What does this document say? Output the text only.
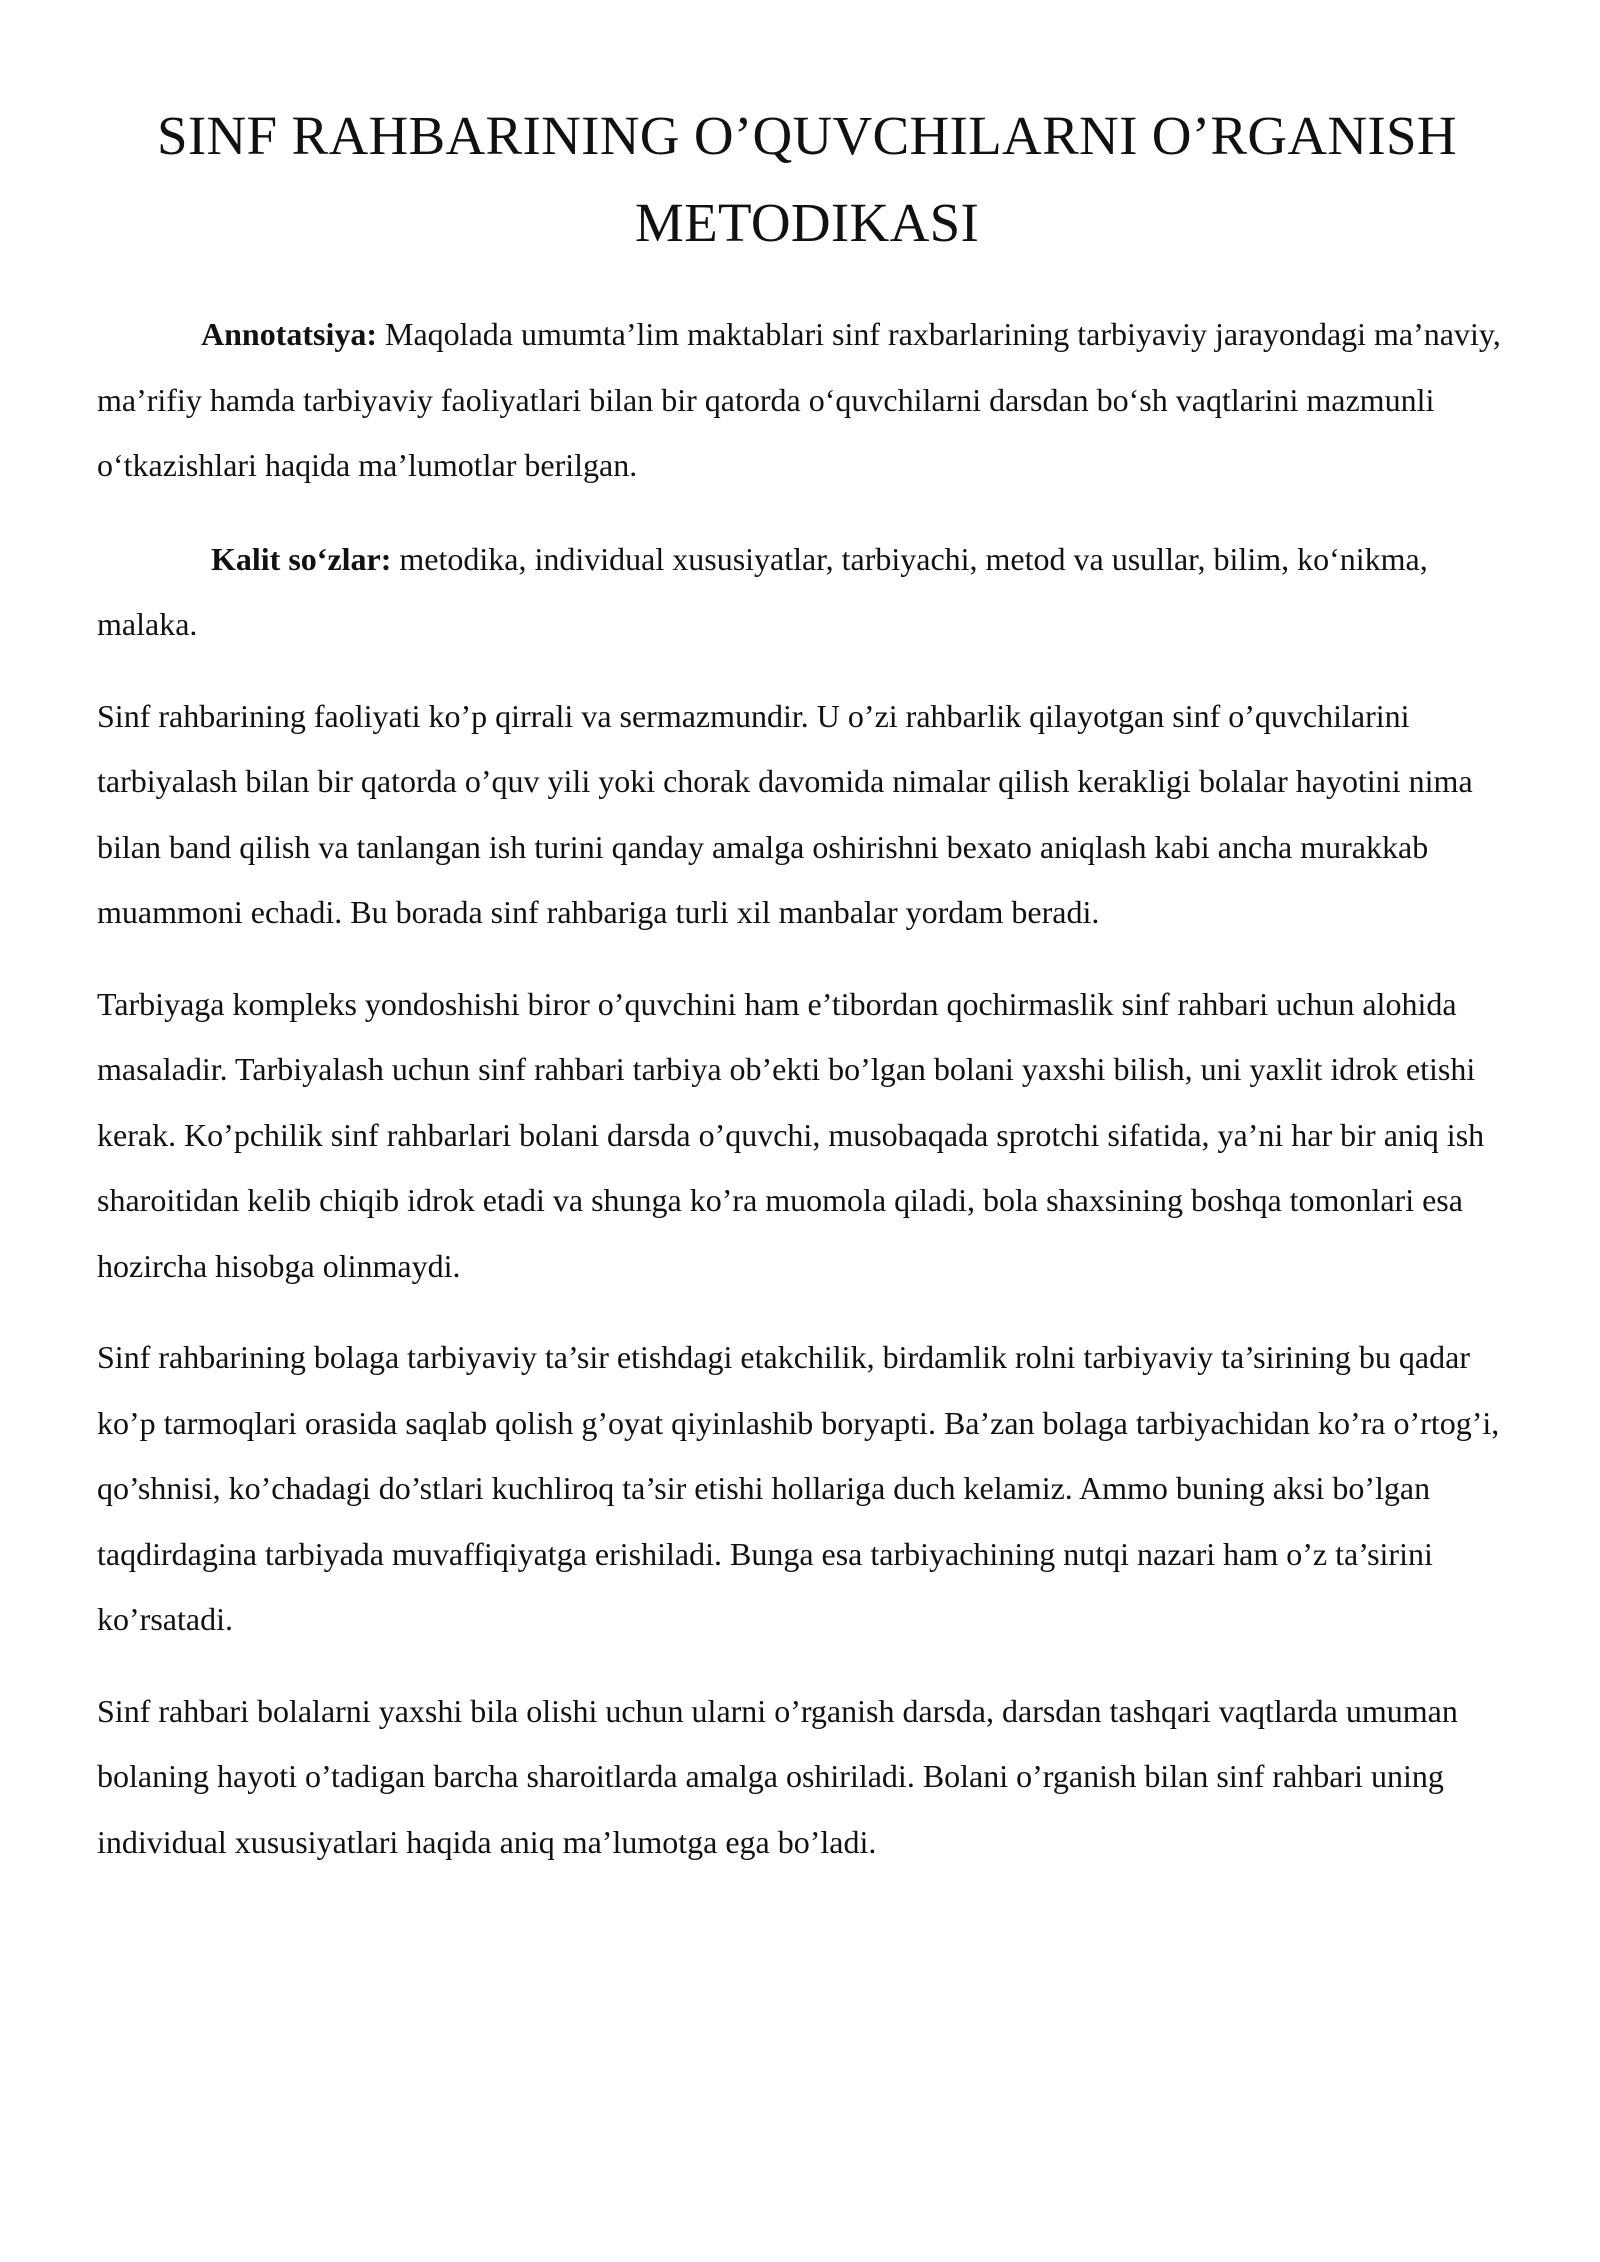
SINF RAHBARINING O’QUVCHILARNI O’RGANISH METODIKASI

Annotatsiya: Maqolada umumta’lim maktablari sinf raxbarlarining tarbiyaviy jarayondagi ma’naviy, ma’rifiy hamda tarbiyaviy faoliyatlari bilan bir qatorda o‘quvchilarni darsdan bo‘sh vaqtlarini mazmunli o‘tkazishlari haqida ma’lumotlar berilgan.

Kalit so‘zlar: metodika, individual xususiyatlar, tarbiyachi, metod va usullar, bilim, ko‘nikma, malaka.

Sinf rahbarining faoliyati ko’p qirrali va sermazmundir. U o’zi rahbarlik qilayotgan sinf o’quvchilarini tarbiyalash bilan bir qatorda o’quv yili yoki chorak davomida nimalar qilish kerakligi bolalar hayotini nima bilan band qilish va tanlangan ish turini qanday amalga oshirishni bexato aniqlash kabi ancha murakkab muammoni echadi. Bu borada sinf rahbariga turli xil manbalar yordam beradi.

Tarbiyaga kompleks yondoshishi biror o’quvchini ham e’tibordan qochirmaslik sinf rahbari uchun alohida masaladir. Tarbiyalash uchun sinf rahbari tarbiya ob’ekti bo’lgan bolani yaxshi bilish, uni yaxlit idrok etishi kerak. Ko’pchilik sinf rahbarlari bolani darsda o’quvchi, musobaqada sprotchi sifatida, ya’ni har bir aniq ish sharoitidan kelib chiqib idrok etadi va shunga ko’ra muomola qiladi, bola shaxsining boshqa tomonlari esa hozircha hisobga olinmaydi.

Sinf rahbarining bolaga tarbiyaviy ta’sir etishdagi etakchilik, birdamlik rolni tarbiyaviy ta’sirining bu qadar ko’p tarmoqlari orasida saqlab qolish g’oyat qiyinlashib boryapti. Ba’zan bolaga tarbiyachidan ko’ra o’rtog’i, qo’shnisi, ko’chadagi do’stlari kuchliroq ta’sir etishi hollariga duch kelamiz. Ammo buning aksi bo’lgan taqdirdagina tarbiyada muvaffiqiyatga erishiladi. Bunga esa tarbiyachining nutqi nazari ham o’z ta’sirini ko’rsatadi.

Sinf rahbari bolalarni yaxshi bila olishi uchun ularni o’rganish darsda, darsdan tashqari vaqtlarda umuman bolaning hayoti o’tadigan barcha sharoitlarda amalga oshiriladi. Bolani o’rganish bilan sinf rahbari uning individual xususiyatlari haqida aniq ma’lumotga ega bo’ladi.
